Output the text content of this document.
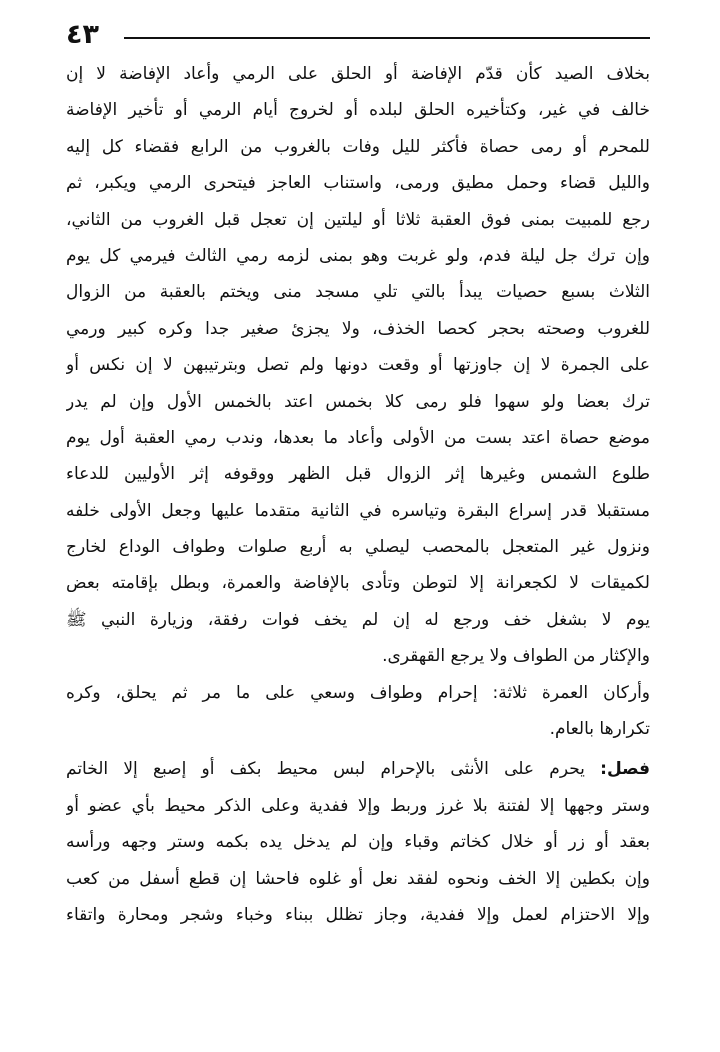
٤٣
بخلاف الصيد كأن قدّم الإفاضة أو الحلق على الرمي وأعاد الإفاضة لا إن
خالف في غير، وكتأخيره الحلق لبلده أو لخروج أيام الرمي أو تأخير الإفاضة
للمحرم أو رمى حصاة فأكثر لليل وفات بالغروب من الرابع فقضاء كل إليه
والليل قضاء وحمل مطيق ورمى، واستناب العاجز فيتحرى الرمي ويكبر، ثم
رجع للمبيت بمنى فوق العقبة ثلاثا أو ليلتين إن تعجل قبل الغروب من الثاني،
وإن ترك جل ليلة فدم، ولو غربت وهو بمنى لزمه رمي الثالث فيرمي كل يوم
الثلاث بسبع حصيات يبدأ بالتي تلي مسجد منى ويختم بالعقبة من الزوال
للغروب وصحته بحجر كحصا الخذف، ولا يجزئ صغير جدا وكره كبير ورمي
على الجمرة لا إن جاوزتها أو وقعت دونها ولم تصل وبترتيبهن لا إن نكس أو
ترك بعضا ولو سهوا فلو رمى كلا بخمس اعتد بالخمس الأول وإن لم يدر
موضع حصاة اعتد بست من الأولى وأعاد ما بعدها، وندب رمي العقبة أول يوم
طلوع الشمس وغيرها إثر الزوال قبل الظهر ووقوفه إثر الأوليين للدعاء
مستقبلا قدر إسراع البقرة وتياسره في الثانية متقدما عليها وجعل الأولى خلفه
ونزول غير المتعجل بالمحصب ليصلي به أربع صلوات وطواف الوداع لخارج
لكميقات لا لكجعرانة إلا لتوطن وتأدى بالإفاضة والعمرة، وبطل بإقامته بعض
يوم لا بشغل خف ورجع له إن لم يخف فوات رفقة، وزيارة النبي ﷺ
والإكثار من الطواف ولا يرجع القهقرى.
وأركان العمرة ثلاثة: إحرام وطواف وسعي على ما مر ثم يحلق، وكره
تكرارها بالعام.
فصل: يحرم على الأنثى بالإحرام لبس محيط بكف أو إصبع إلا الخاتم
وستر وجهها إلا لفتنة بلا غرز وربط وإلا ففدية وعلى الذكر محيط بأي عضو أو
بعقد أو زر أو خلال كخاتم وقباء وإن لم يدخل يده بكمه وستر وجهه ورأسه
وإن بكطين إلا الخف ونحوه لفقد نعل أو غلوه فاحشا إن قطع أسفل من كعب
وإلا الاحتزام لعمل وإلا ففدية، وجاز تظلل ببناء وخباء وشجر ومحارة واتقاء
